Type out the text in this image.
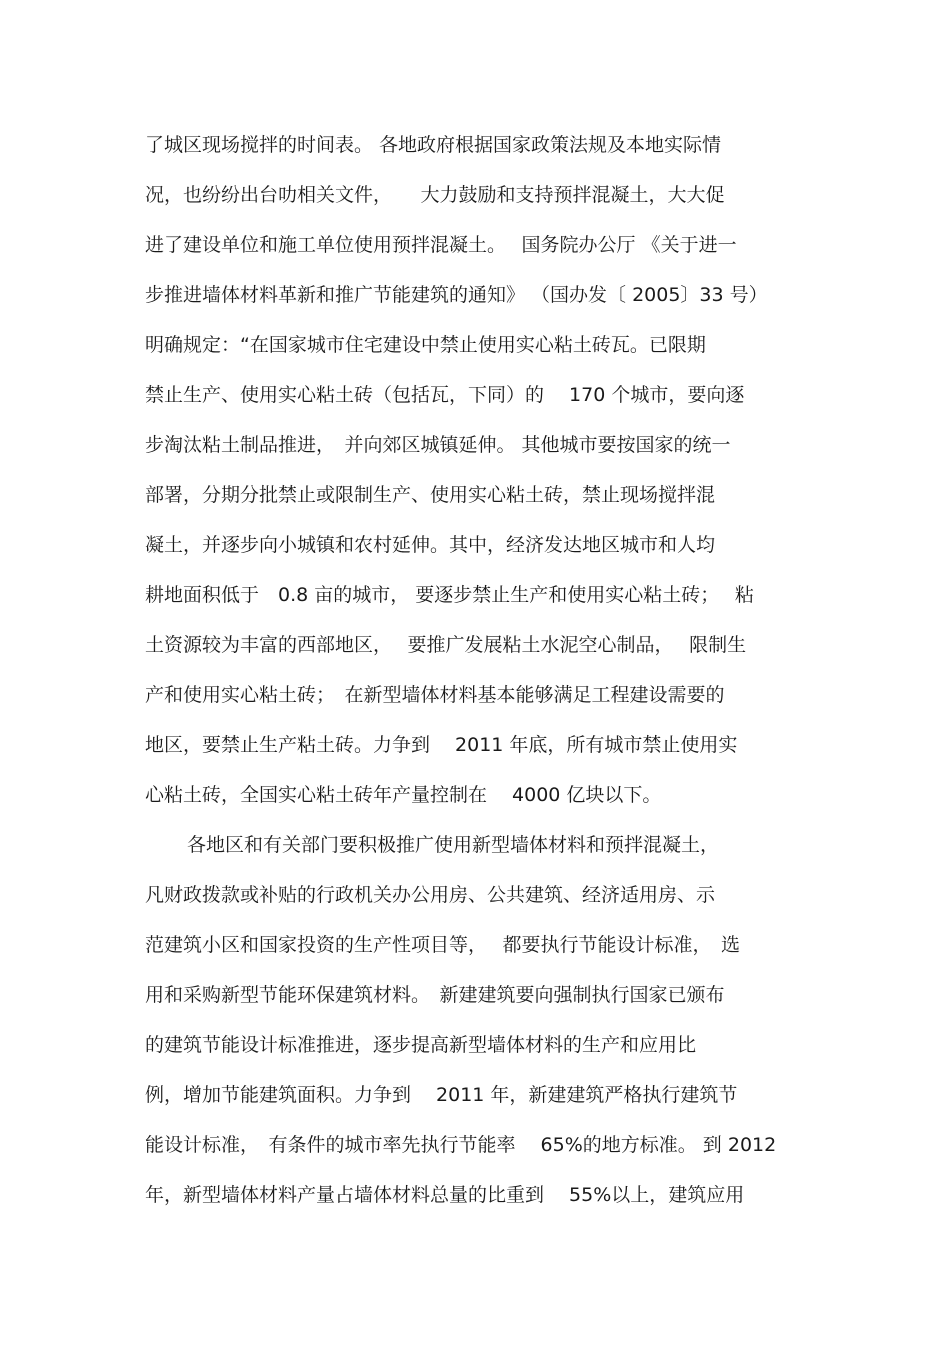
了城区现场搅拌的时间表。 各地政府根据国家政策法规及本地实际情
况，也纷纷出台叻相关文件，　　大力鼓励和支持预拌混凝土，大大促
进了建设单位和施工单位使用预拌混凝土。　 国务院办公厅 《关于进一
步推进墙体材料革新和推广节能建筑的通知》 （国办发〔 2005〕33 号）
明确规定：“在国家城市住宅建设中禁止使用实心粘土砖瓦。已限期
禁止生产、使用实心粘土砖（包括瓦，下同）的　 170 个城市，要向逐
步淘汰粘土制品推进，　并向郊区城镇延伸。 其他城市要按国家的统一
部署，分期分批禁止或限制生产、使用实心粘土砖，禁止现场搅拌混
凝土，并逐步向小城镇和农村延伸。其中，经济发达地区城市和人均
耕地面积低于　0.8 亩的城市， 要逐步禁止生产和使用实心粘土砖；　 粘
土资源较为丰富的西部地区，　 要推广发展粘土水泥空心制品，　 限制生
产和使用实心粘土砖；　在新型墙体材料基本能够满足工程建设需要的
地区，要禁止生产粘土砖。力争到　 2011 年底，所有城市禁止使用实
心粘土砖，全国实心粘土砖年产量控制在　 4000 亿块以下。
各地区和有关部门要积极推广使用新型墙体材料和预拌混凝土，
凡财政拨款或补贴的行政机关办公用房、公共建筑、经济适用房、示
范建筑小区和国家投资的生产性项目等，　 都要执行节能设计标准，　选
用和采购新型节能环保建筑材料。　新建建筑要向强制执行国家已颁布
的建筑节能设计标准推进，逐步提高新型墙体材料的生产和应用比
例，增加节能建筑面积。力争到　 2011 年，新建建筑严格执行建筑节
能设计标准，　有条件的城市率先执行节能率　 65%的地方标准。 到 2012
年，新型墙体材料产量占墙体材料总量的比重到　 55%以上，建筑应用
